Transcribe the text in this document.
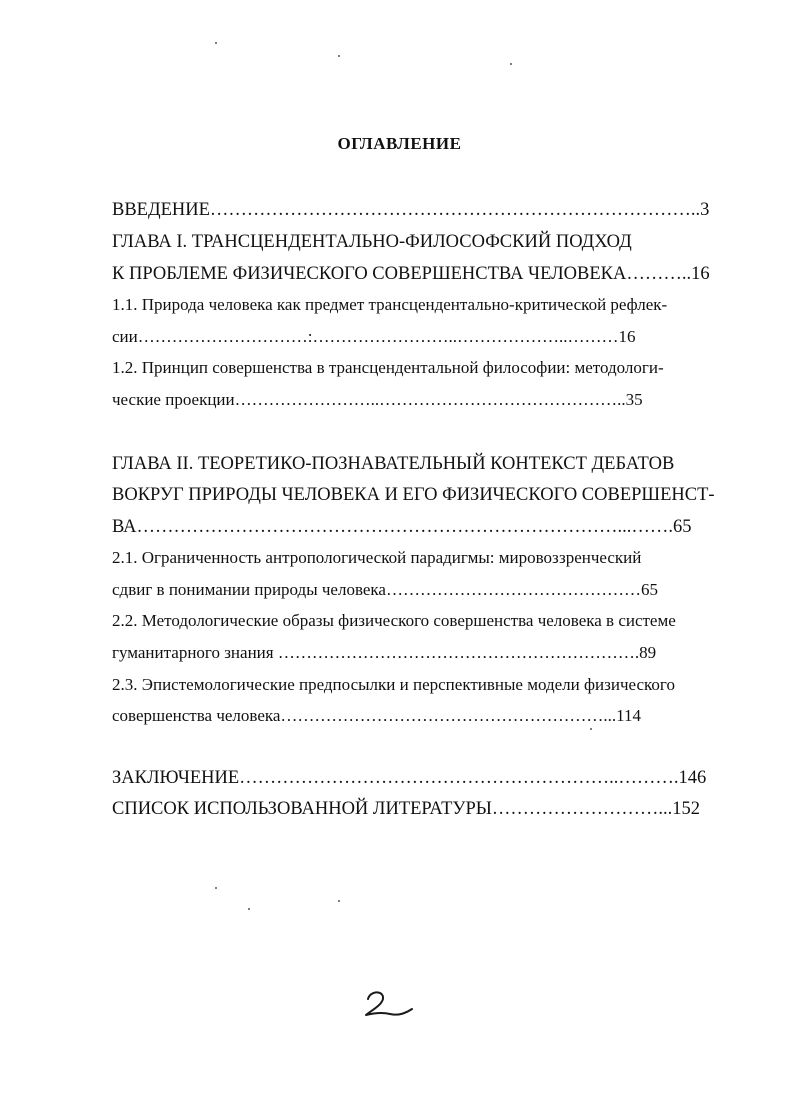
ОГЛАВЛЕНИЕ
ВВЕДЕНИЕ……………………………………………………………………..3
ГЛАВА I. ТРАНСЦЕНДЕНТАЛЬНО-ФИЛОСОФСКИЙ ПОДХОД
К ПРОБЛЕМЕ ФИЗИЧЕСКОГО СОВЕРШЕНСТВА ЧЕЛОВЕКА………..16
1.1. Природа человека как предмет трансцендентально-критической рефлек-
сии…………………………:……………………..………………..………16
1.2. Принцип совершенства в трансцендентальной философии: методологи-
ческие проекции……………………..……………………………………..35
ГЛАВА II. ТЕОРЕТИКО-ПОЗНАВАТЕЛЬНЫЙ КОНТЕКСТ ДЕБАТОВ
ВОКРУГ ПРИРОДЫ ЧЕЛОВЕКА И ЕГО ФИЗИЧЕСКОГО СОВЕРШЕНСТ-
ВА……………………………………………………………………...…….65
2.1. Ограниченность антропологической парадигмы: мировоззренческий
сдвиг в понимании природы человека………………………………………65
2.2. Методологические образы физического совершенства человека в системе
гуманитарного знания ……………………………………………………….89
2.3. Эпистемологические предпосылки и перспективные модели физического
совершенства человека…………………………………………………...114
ЗАКЛЮЧЕНИЕ……………………………………………………..……….146
СПИСОК ИСПОЛЬЗОВАННОЙ ЛИТЕРАТУРЫ………………………...152
